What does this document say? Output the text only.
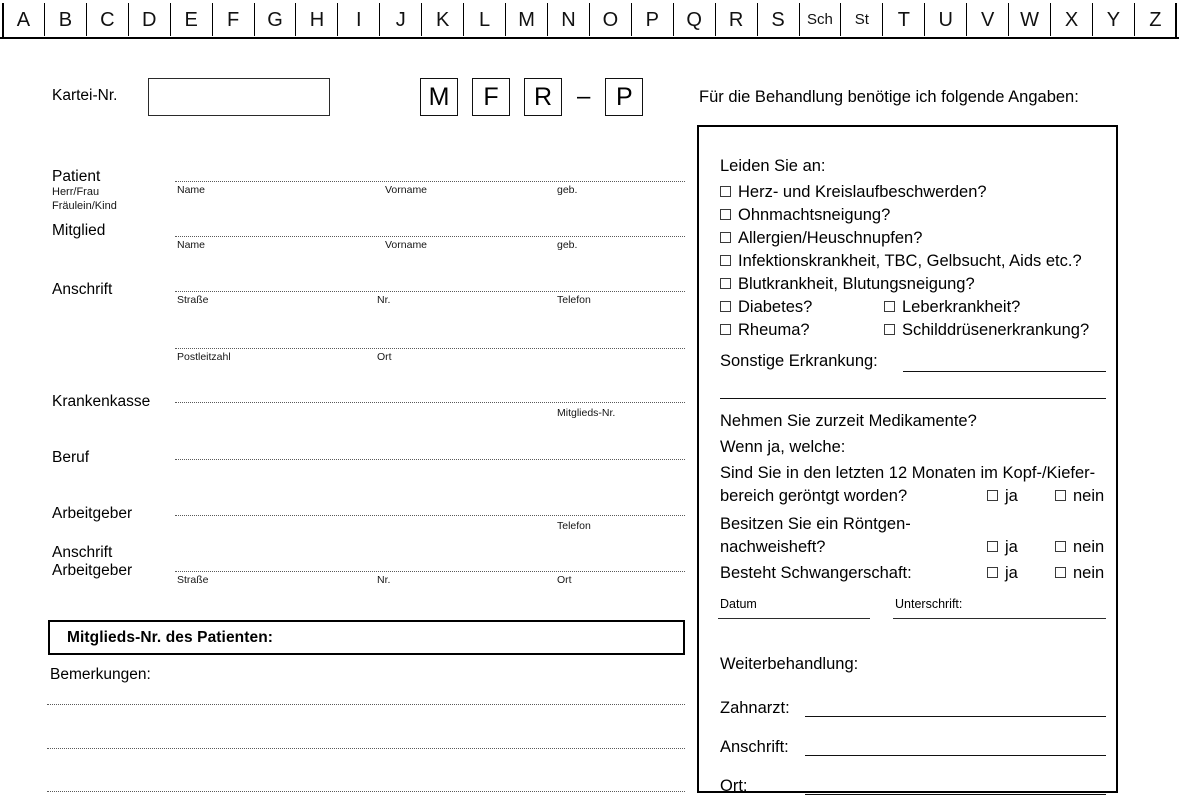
A	B	C	D	E	F	G	H	I	J	K	L	M	N	O	P	Q	R	S	Sch	St	T	U	V	W	X	Y	Z
Kartei-Nr.	M	F	R	–	P	Für die Behandlung benötige ich folgende Angaben:
Patient
Herr/Frau
Fräulein/Kind
Name	Vorname	geb.
Mitglied
Name	Vorname	geb.
Anschrift
Straße	Nr.	Telefon
Postleitzahl	Ort
Krankenkasse
Mitglieds-Nr.
Beruf
Arbeitgeber
Telefon
Anschrift
Arbeitgeber
Straße	Nr.	Ort
Mitglieds-Nr. des Patienten:
Bemerkungen:
Leiden Sie an:
Herz- und Kreislaufbeschwerden?
Ohnmachtsneigung?
Allergien/Heuschnupfen?
Infektionskrankheit, TBC, Gelbsucht, Aids etc.?
Blutkrankheit, Blutungsneigung?
Diabetes?	Leberkrankheit?
Rheuma?	Schilddrüsenerkrankung?
Sonstige Erkrankung:
Nehmen Sie zurzeit Medikamente?
Wenn ja, welche:
Sind Sie in den letzten 12 Monaten im Kopf-/Kiefer-
bereich geröntgt worden?	ja	nein
Besitzen Sie ein Röntgen-
nachweisheft?	ja	nein
Besteht Schwangerschaft:	ja	nein
Datum	Unterschrift:
Weiterbehandlung:
Zahnarzt:
Anschrift:
Ort:
